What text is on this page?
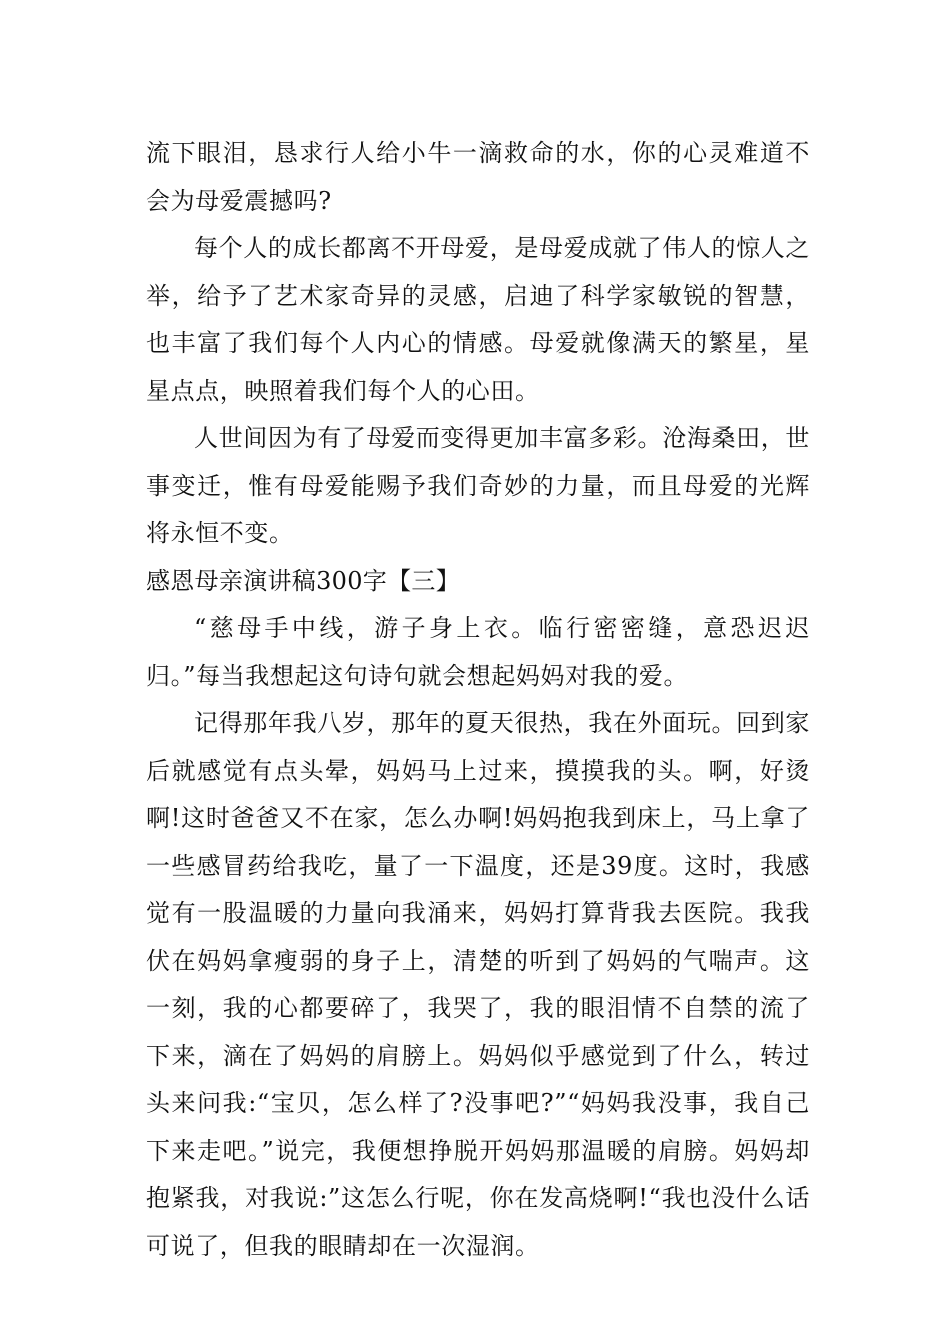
流下眼泪，恳求行人给小牛一滴救命的水，你的心灵难道不会为母爱震撼吗?

每个人的成长都离不开母爱，是母爱成就了伟人的惊人之举，给予了艺术家奇异的灵感，启迪了科学家敏锐的智慧，也丰富了我们每个人内心的情感。母爱就像满天的繁星，星星点点，映照着我们每个人的心田。

人世间因为有了母爱而变得更加丰富多彩。沧海桑田，世事变迁，惟有母爱能赐予我们奇妙的力量，而且母爱的光辉将永恒不变。

感恩母亲演讲稿300字【三】

“慈母手中线，游子身上衣。临行密密缝，意恐迟迟归。”每当我想起这句诗句就会想起妈妈对我的爱。

记得那年我八岁，那年的夏天很热，我在外面玩。回到家后就感觉有点头晕，妈妈马上过来，摸摸我的头。啊，好烫啊!这时爸爸又不在家，怎么办啊!妈妈抱我到床上，马上拿了一些感冒药给我吃，量了一下温度，还是39度。这时，我感觉有一股温暖的力量向我涌来，妈妈打算背我去医院。我我伏在妈妈拿瘦弱的身子上，清楚的听到了妈妈的气喘声。这一刻，我的心都要碎了，我哭了，我的眼泪情不自禁的流了下来，滴在了妈妈的肩膀上。妈妈似乎感觉到了什么，转过头来问我:“宝贝，怎么样了?没事吧?”“妈妈我没事，我自己下来走吧。”说完，我便想挣脱开妈妈那温暖的肩膀。妈妈却抱紧我，对我说:”这怎么行呢，你在发高烧啊!“我也没什么话可说了，但我的眼睛却在一次湿润。
